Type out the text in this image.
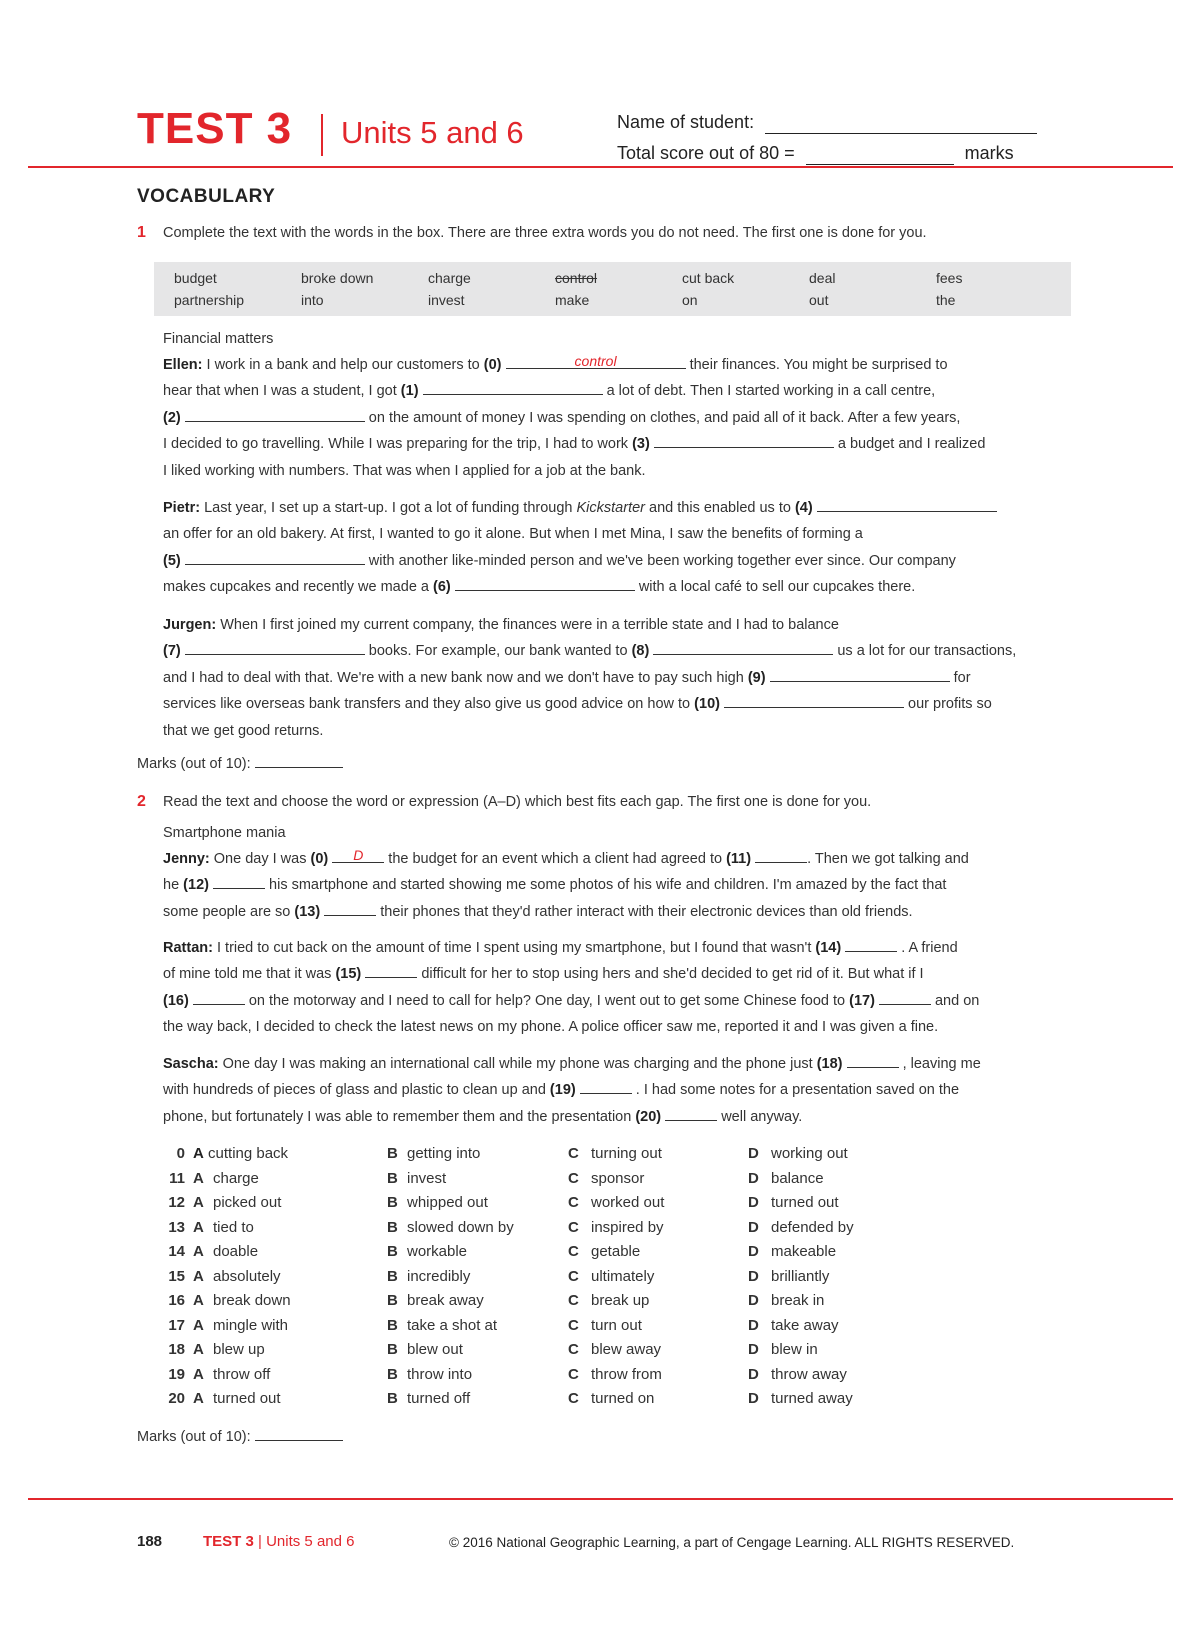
TEST 3 Units 5 and 6	Name of student:
Total score out of 80 =	marks
VOCABULARY
1 Complete the text with the words in the box. There are three extra words you do not need. The first one is done for you.
budget	broke down	charge	control	cut back	deal	fees
partnership	into	invest	make	on	out	the
Financial matters
Ellen: I work in a bank and help our customers to (0)	control	their finances. You might be surprised to
hear that when I was a student, I got (1)	a lot of debt. Then I started working in a call centre,
(2)	on the amount of money I was spending on clothes, and paid all of it back. After a few years,
I decided to go travelling. While I was preparing for the trip, I had to work (3)	a budget and I realized
I liked working with numbers. That was when I applied for a job at the bank.
Pietr: Last year, I set up a start-up. I got a lot of funding through Kickstarter and this enabled us to (4)
an offer for an old bakery. At first, I wanted to go it alone. But when I met Mina, I saw the benefits of forming a
(5)	with another like-minded person and we've been working together ever since. Our company
makes cupcakes and recently we made a (6)	with a local café to sell our cupcakes there.
Jurgen: When I first joined my current company, the finances were in a terrible state and I had to balance
(7)	books. For example, our bank wanted to (8)	us a lot for our transactions,
and I had to deal with that. We're with a new bank now and we don't have to pay such high (9)	for
services like overseas bank transfers and they also give us good advice on how to (10)	our profits so
that we get good returns.
Marks (out of 10):
2 Read the text and choose the word or expression (A–D) which best fits each gap. The first one is done for you.
Smartphone mania
Jenny: One day I was (0)	D	the budget for an event which a client had agreed to (11)	. Then we got talking and
he (12)	his smartphone and started showing me some photos of his wife and children. I'm amazed by the fact that
some people are so (13)	their phones that they'd rather interact with their electronic devices than old friends.
Rattan: I tried to cut back on the amount of time I spent using my smartphone, but I found that wasn't (14)	. A friend
of mine told me that it was (15)	difficult for her to stop using hers and she'd decided to get rid of it. But what if I
(16)	on the motorway and I need to call for help? One day, I went out to get some Chinese food to (17)	and on
the way back, I decided to check the latest news on my phone. A police officer saw me, reported it and I was given a fine.
Sascha: One day I was making an international call while my phone was charging and the phone just (18)	, leaving me
with hundreds of pieces of glass and plastic to clean up and (19)	. I had some notes for a presentation saved on the
phone, but fortunately I was able to remember them and the presentation (20)	well anyway.
0 A cutting back	B getting into	C turning out	D working out
11 A charge	B invest	C sponsor	D balance
12 A picked out	B whipped out	C worked out	D turned out
13 A tied to	B slowed down by	C inspired by	D defended by
14 A doable	B workable	C getable	D makeable
15 A absolutely	B incredibly	C ultimately	D brilliantly
16 A break down	B break away	C break up	D break in
17 A mingle with	B take a shot at	C turn out	D take away
18 A blew up	B blew out	C blew away	D blew in
19 A throw off	B throw into	C throw from	D throw away
20 A turned out	B turned off	C turned on	D turned away
Marks (out of 10):
188	TEST 3 | Units 5 and 6	© 2016 National Geographic Learning, a part of Cengage Learning. ALL RIGHTS RESERVED.
